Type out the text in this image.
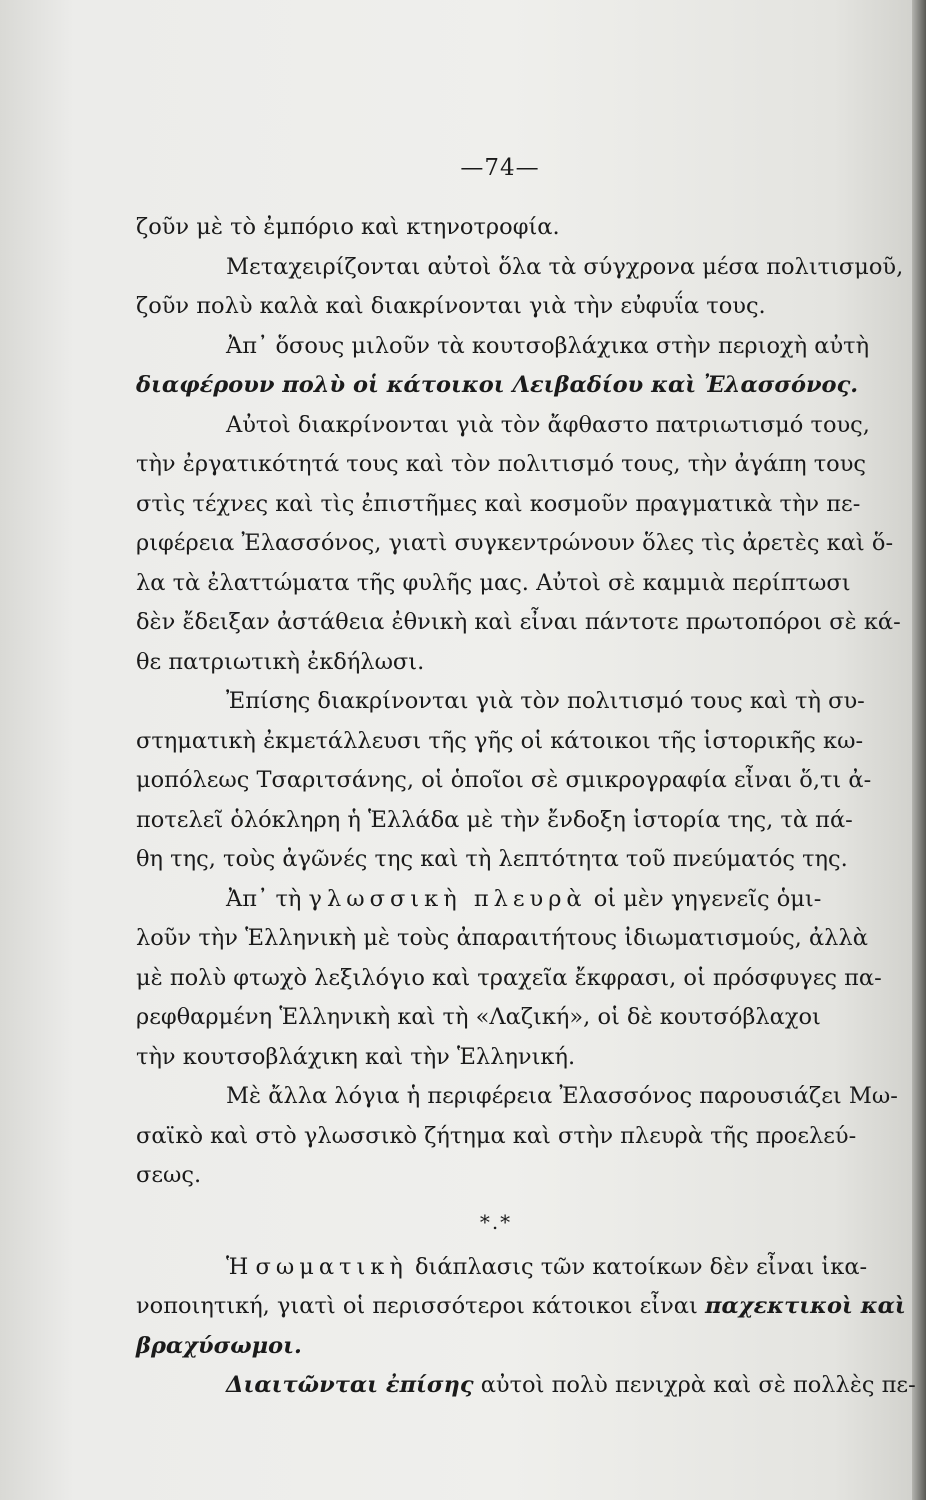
—74—
ζοῦν μὲ τὸ ἐμπόριο καὶ κτηνοτροφία.
Μεταχειρίζονται αὐτοὶ ὅλα τὰ σύγχρονα μέσα πολιτισμοῦ,
ζοῦν πολὺ καλὰ καὶ διακρίνονται γιὰ τὴν εὐφυΐα τους.
Ἀπ᾽ ὅσους μιλοῦν τὰ κουτσοβλάχικα στὴν περιοχὴ αὐτὴ
διαφέρουν πολὺ οἱ κάτοικοι Λειβαδίου καὶ Ἐλασσόνος.
Αὐτοὶ διακρίνονται γιὰ τὸν ἄφθαστο πατριωτισμό τους,
τὴν ἐργατικότητά τους καὶ τὸν πολιτισμό τους, τὴν ἀγάπη τους
στὶς τέχνες καὶ τὶς ἐπιστῆμες καὶ κοσμοῦν πραγματικὰ τὴν πε-
ριφέρεια Ἐλασσόνος, γιατὶ συγκεντρώνουν ὅλες τὶς ἀρετὲς καὶ ὅ-
λα τὰ ἐλαττώματα τῆς φυλῆς μας. Αὐτοὶ σὲ καμμιὰ περίπτωσι
δὲν ἔδειξαν ἀστάθεια ἐθνικὴ καὶ εἶναι πάντοτε πρωτοπόροι σὲ κά-
θε πατριωτικὴ ἐκδήλωσι.
Ἐπίσης διακρίνονται γιὰ τὸν πολιτισμό τους καὶ τὴ συ-
στηματικὴ ἐκμετάλλευσι τῆς γῆς οἱ κάτοικοι τῆς ἱστορικῆς κω-
μοπόλεως Τσαριτσάνης, οἱ ὁποῖοι σὲ σμικρογραφία εἶναι ὅ,τι ἀ-
ποτελεῖ ὁλόκληρη ἡ Ἑλλάδα μὲ τὴν ἔνδοξη ἱστορία της, τὰ πά-
θη της, τοὺς ἀγῶνές της καὶ τὴ λεπτότητα τοῦ πνεύματός της.
Ἀπ᾽ τὴ γλωσσικὴ πλευρὰ οἱ μὲν γηγενεῖς ὁμι-
λοῦν τὴν Ἑλληνικὴ μὲ τοὺς ἀπαραιτήτους ἰδιωματισμούς, ἀλλὰ
μὲ πολὺ φτωχὸ λεξιλόγιο καὶ τραχεῖα ἔκφρασι, οἱ πρόσφυγες πα-
ρεφθαρμένη Ἑλληνικὴ καὶ τὴ «Λαζική», οἱ δὲ κουτσόβλαχοι
τὴν κουτσοβλάχικη καὶ τὴν Ἑλληνική.
Μὲ ἄλλα λόγια ἡ περιφέρεια Ἐλασσόνος παρουσιάζει Μω-
σαϊκὸ καὶ στὸ γλωσσικὸ ζήτημα καὶ στὴν πλευρὰ τῆς προελεύ-
σεως.
*.*
Ἡ σωματικὴ διάπλασις τῶν κατοίκων δὲν εἶναι ἱκα-
νοποιητική, γιατὶ οἱ περισσότεροι κάτοικοι εἶναι παχεκτικοὶ καὶ
βραχύσωμοι.
Διαιτῶνται ἐπίσης αὐτοὶ πολὺ πενιχρὰ καὶ σὲ πολλὲς πε-
